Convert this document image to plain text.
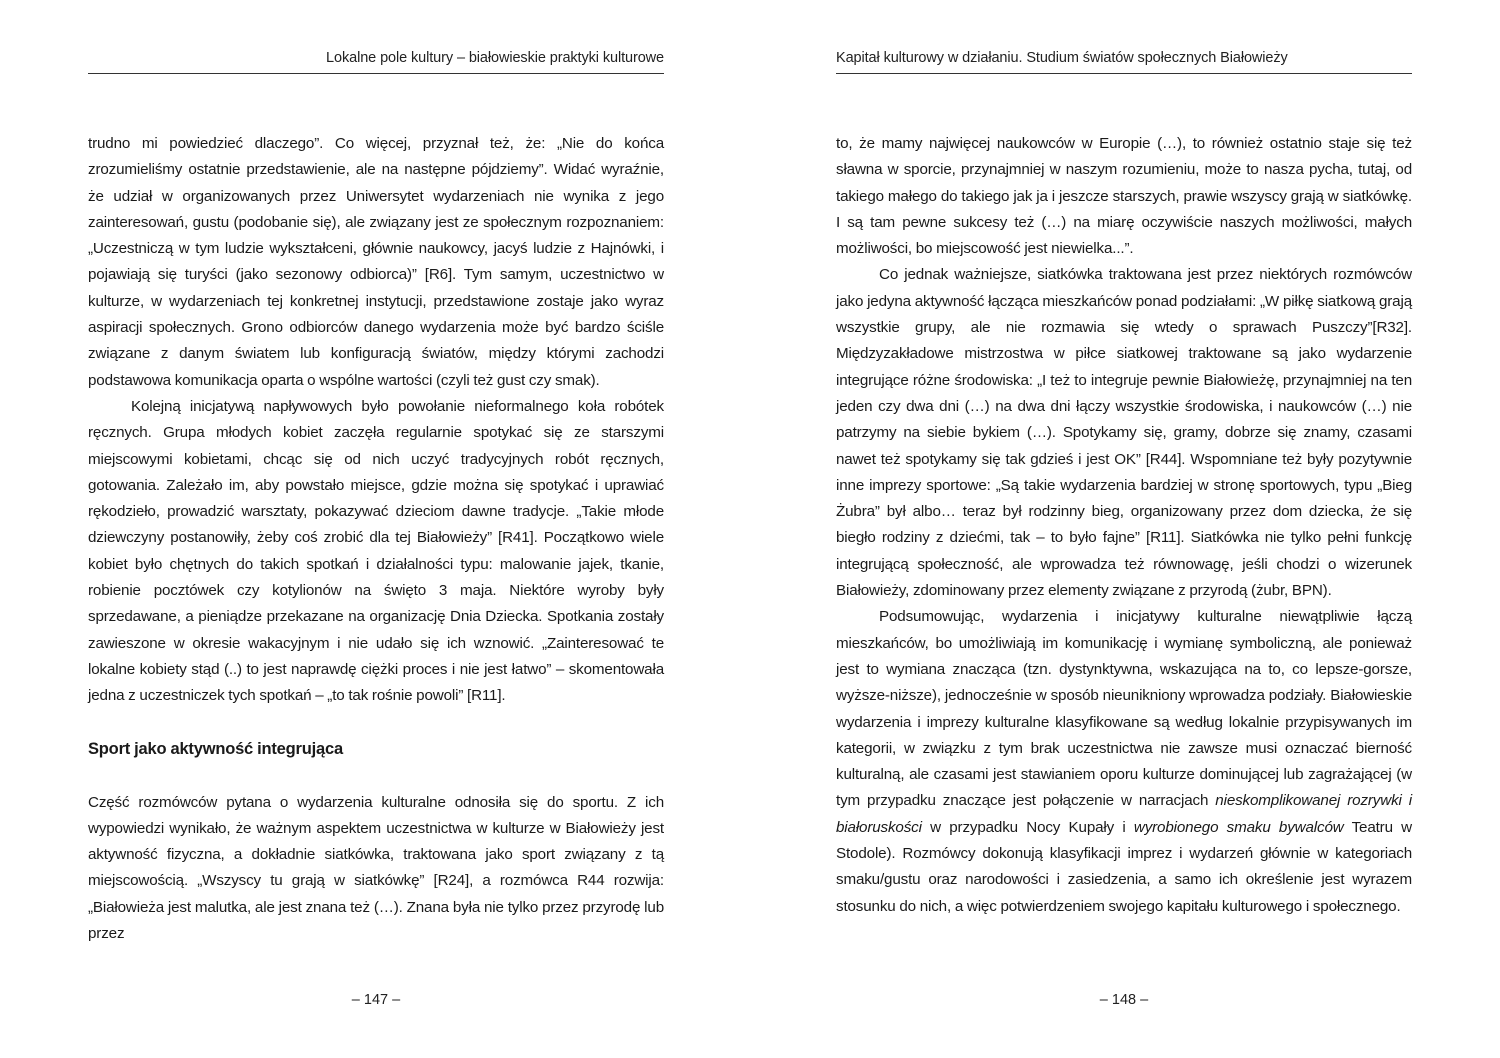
Lokalne pole kultury – białowieskie praktyki kulturowe

trudno mi powiedzieć dlaczego”. Co więcej, przyznał też, że: „Nie do końca zrozumieliśmy ostatnie przedstawienie, ale na następne pójdziemy”. Widać wyraźnie, że udział w organizowanych przez Uniwersytet wydarzeniach nie wynika z jego zainteresowań, gustu (podobanie się), ale związany jest ze społecznym rozpoznaniem: „Uczestniczą w tym ludzie wykształceni, głównie naukowcy, jacyś ludzie z Hajnówki, i pojawiają się turyści (jako sezonowy odbiorca)” [R6]. Tym samym, uczestnictwo w kulturze, w wydarzeniach tej konkretnej instytucji, przedstawione zostaje jako wyraz aspiracji społecznych. Grono odbiorców danego wydarzenia może być bardzo ściśle związane z danym światem lub konfiguracją światów, między którymi zachodzi podstawowa komunikacja oparta o wspólne wartości (czyli też gust czy smak).

Kolejną inicjatywą napływowych było powołanie nieformalnego koła robótek ręcznych. Grupa młodych kobiet zaczęła regularnie spotykać się ze starszymi miejscowymi kobietami, chcąc się od nich uczyć tradycyjnych robót ręcznych, gotowania. Zależało im, aby powstało miejsce, gdzie można się spotykać i uprawiać rękodzieło, prowadzić warsztaty, pokazywać dzieciom dawne tradycje. „Takie młode dziewczyny postanowiły, żeby coś zrobić dla tej Białowieży” [R41]. Początkowo wiele kobiet było chętnych do takich spotkań i działalności typu: malowanie jajek, tkanie, robienie pocztówek czy kotylionów na święto 3 maja. Niektóre wyroby były sprzedawane, a pieniądze przekazane na organizację Dnia Dziecka. Spotkania zostały zawieszone w okresie wakacyjnym i nie udało się ich wznowić. „Zainteresować te lokalne kobiety stąd (..) to jest naprawdę ciężki proces i nie jest łatwo” – skomentowała jedna z uczestniczek tych spotkań – „to tak rośnie powoli” [R11].

Sport jako aktywność integrująca

Część rozmówców pytana o wydarzenia kulturalne odnosiła się do sportu. Z ich wypowiedzi wynikało, że ważnym aspektem uczestnictwa w kulturze w Białowieży jest aktywność fizyczna, a dokładnie siatkówka, traktowana jako sport związany z tą miejscowością. „Wszyscy tu grają w siatkówkę” [R24], a rozmówca R44 rozwija: „Białowieża jest malutka, ale jest znana też (…). Znana była nie tylko przez przyrodę lub przez

– 147 –
Kapitał kulturowy w działaniu. Studium światów społecznych Białowieży

to, że mamy najwięcej naukowców w Europie (…), to również ostatnio staje się też sławna w sporcie, przynajmniej w naszym rozumieniu, może to nasza pycha, tutaj, od takiego małego do takiego jak ja i jeszcze starszych, prawie wszyscy grają w siatkówkę. I są tam pewne sukcesy też (…) na miarę oczywiście naszych możliwości, małych możliwości, bo miejscowość jest niewielka...”.

Co jednak ważniejsze, siatkówka traktowana jest przez niektórych rozmówców jako jedyna aktywność łącząca mieszkańców ponad podziałami: „W piłkę siatkową grają wszystkie grupy, ale nie rozmawia się wtedy o sprawach Puszczy”[R32]. Międzyzakładowe mistrzostwa w piłce siatkowej traktowane są jako wydarzenie integrujące różne środowiska: „I też to integruje pewnie Białowieżę, przynajmniej na ten jeden czy dwa dni (…) na dwa dni łączy wszystkie środowiska, i naukowców (…) nie patrzymy na siebie bykiem (…). Spotykamy się, gramy, dobrze się znamy, czasami nawet też spotykamy się tak gdzieś i jest OK” [R44]. Wspomniane też były pozytywnie inne imprezy sportowe: „Są takie wydarzenia bardziej w stronę sportowych, typu „Bieg Żubra” był albo… teraz był rodzinny bieg, organizowany przez dom dziecka, że się biegło rodziny z dziećmi, tak – to było fajne” [R11]. Siatkówka nie tylko pełni funkcję integrującą społeczność, ale wprowadza też równowagę, jeśli chodzi o wizerunek Białowieży, zdominowany przez elementy związane z przyrodą (żubr, BPN).

Podsumowując, wydarzenia i inicjatywy kulturalne niewątpliwie łączą mieszkańców, bo umożliwiają im komunikację i wymianę symboliczną, ale ponieważ jest to wymiana znacząca (tzn. dystynktywna, wskazująca na to, co lepsze-gorsze, wyższe-niższe), jednocześnie w sposób nieunikniony wprowadza podziały. Białowieskie wydarzenia i imprezy kulturalne klasyfikowane są według lokalnie przypisywanych im kategorii, w związku z tym brak uczestnictwa nie zawsze musi oznaczać bierność kulturalną, ale czasami jest stawianiem oporu kulturze dominującej lub zagrażającej (w tym przypadku znaczące jest połączenie w narracjach nieskomplikowanej rozrywki i białoruskości w przypadku Nocy Kupały i wyrobionego smaku bywalców Teatru w Stodole). Rozmówcy dokonują klasyfikacji imprez i wydarzeń głównie w kategoriach smaku/gustu oraz narodowości i zasiedzenia, a samo ich określenie jest wyrazem stosunku do nich, a więc potwierdzeniem swojego kapitału kulturowego i społecznego.

– 148 –
